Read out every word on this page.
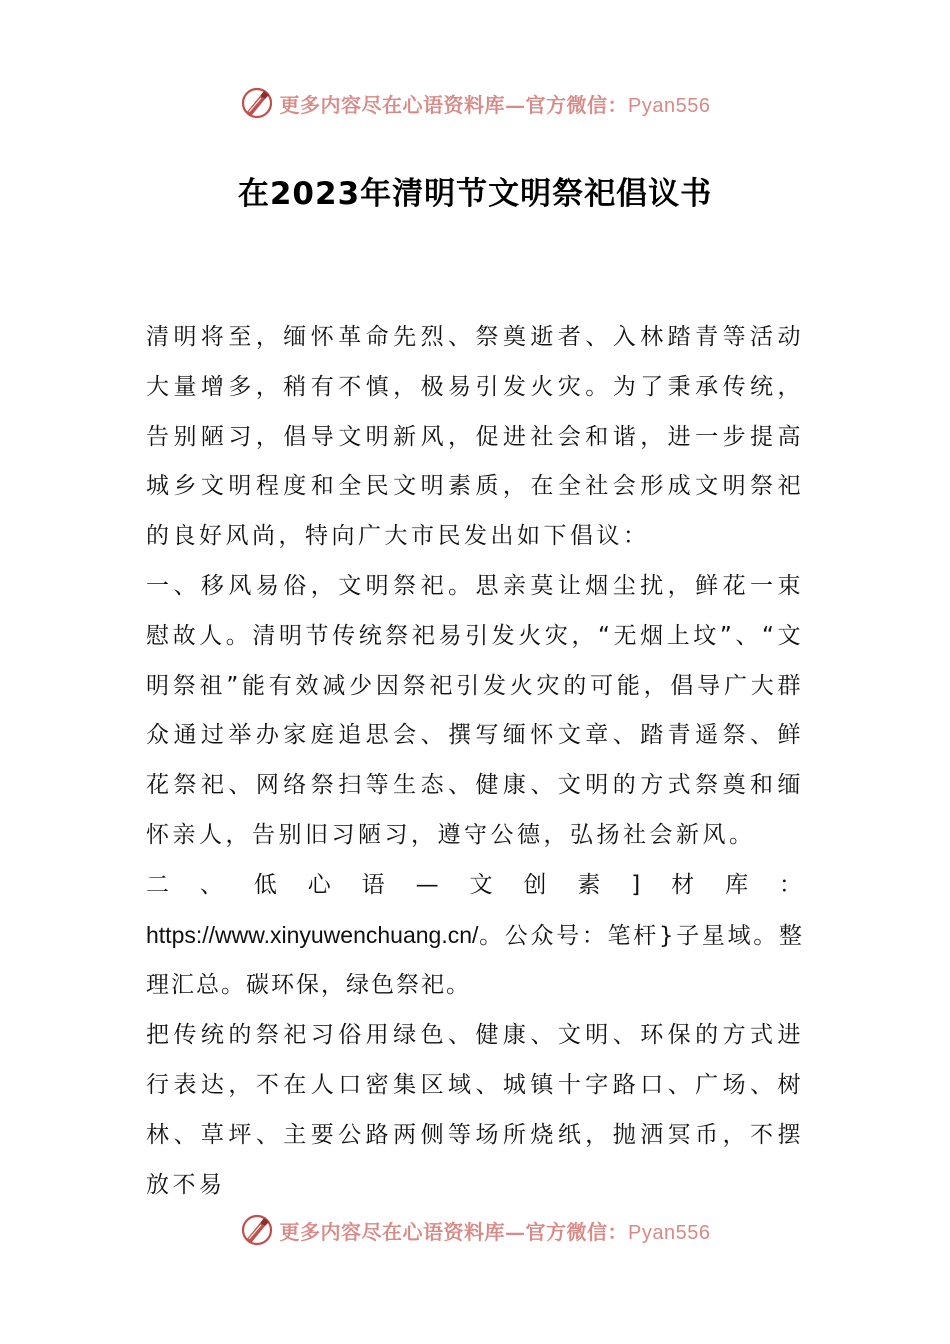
更多内容尽在心语资料库—官方微信：Pyan556
在2023年清明节文明祭祀倡议书

清明将至，缅怀革命先烈、祭奠逝者、入林踏青等活动大量增多，稍有不慎，极易引发火灾。为了秉承传统，告别陋习，倡导文明新风，促进社会和谐，进一步提高城乡文明程度和全民文明素质，在全社会形成文明祭祀的良好风尚，特向广大市民发出如下倡议：

一、移风易俗，文明祭祀。思亲莫让烟尘扰，鲜花一束慰故人。清明节传统祭祀易引发火灾，“无烟上坟”、“文明祭祖”能有效减少因祭祀引发火灾的可能，倡导广大群众通过举办家庭追思会、撰写缅怀文章、踏青遥祭、鲜花祭祀、网络祭扫等生态、健康、文明的方式祭奠和缅怀亲人，告别旧习陋习，遵守公德，弘扬社会新风。

二、低心语—文创素]材库：https://www.xinyuwenchuang.cn/。公众号：笔杆}子星域。整理汇总。碳环保，绿色祭祀。

把传统的祭祀习俗用绿色、健康、文明、环保的方式进行表达，不在人口密集区域、城镇十字路口、广场、树林、草坪、主要公路两侧等场所烧纸，抛洒冥币，不摆放不易

更多内容尽在心语资料库—官方微信：Pyan556
